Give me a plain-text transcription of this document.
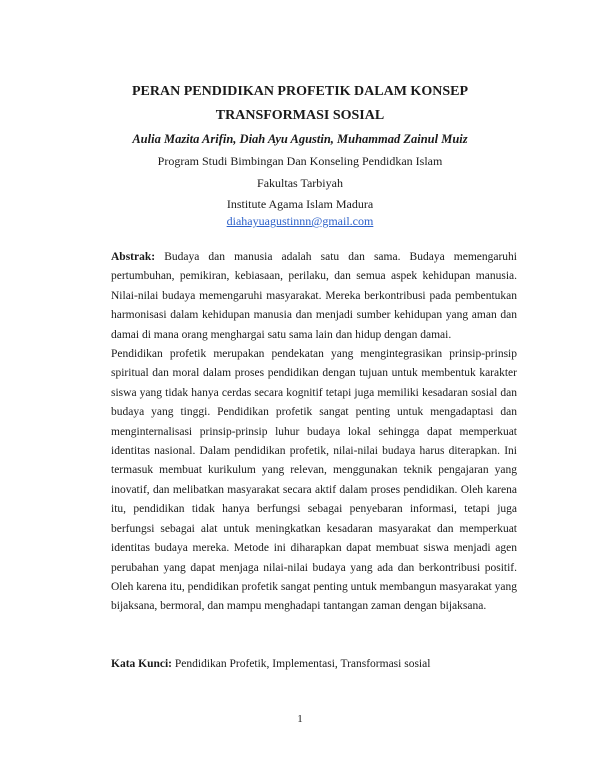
PERAN PENDIDIKAN PROFETIK DALAM KONSEP
TRANSFORMASI SOSIAL
Aulia Mazita Arifin, Diah Ayu Agustin, Muhammad Zainul Muiz
Program Studi Bimbingan Dan Konseling Pendidkan Islam
Fakultas Tarbiyah
Institute Agama Islam Madura
diahayuagustinnn@gmail.com

Abstrak: Budaya dan manusia adalah satu dan sama. Budaya memengaruhi pertumbuhan, pemikiran, kebiasaan, perilaku, dan semua aspek kehidupan manusia. Nilai-nilai budaya memengaruhi masyarakat. Mereka berkontribusi pada pembentukan harmonisasi dalam kehidupan manusia dan menjadi sumber kehidupan yang aman dan damai di mana orang menghargai satu sama lain dan hidup dengan damai.

Pendidikan profetik merupakan pendekatan yang mengintegrasikan prinsip-prinsip spiritual dan moral dalam proses pendidikan dengan tujuan untuk membentuk karakter siswa yang tidak hanya cerdas secara kognitif tetapi juga memiliki kesadaran sosial dan budaya yang tinggi. Pendidikan profetik sangat penting untuk mengadaptasi dan menginternalisasi prinsip-prinsip luhur budaya lokal sehingga dapat memperkuat identitas nasional. Dalam pendidikan profetik, nilai-nilai budaya harus diterapkan. Ini termasuk membuat kurikulum yang relevan, menggunakan teknik pengajaran yang inovatif, dan melibatkan masyarakat secara aktif dalam proses pendidikan. Oleh karena itu, pendidikan tidak hanya berfungsi sebagai penyebaran informasi, tetapi juga berfungsi sebagai alat untuk meningkatkan kesadaran masyarakat dan memperkuat identitas budaya mereka. Metode ini diharapkan dapat membuat siswa menjadi agen perubahan yang dapat menjaga nilai-nilai budaya yang ada dan berkontribusi positif. Oleh karena itu, pendidikan profetik sangat penting untuk membangun masyarakat yang bijaksana, bermoral, dan mampu menghadapi tantangan zaman dengan bijaksana.

Kata Kunci: Pendidikan Profetik, Implementasi, Transformasi sosial
1
